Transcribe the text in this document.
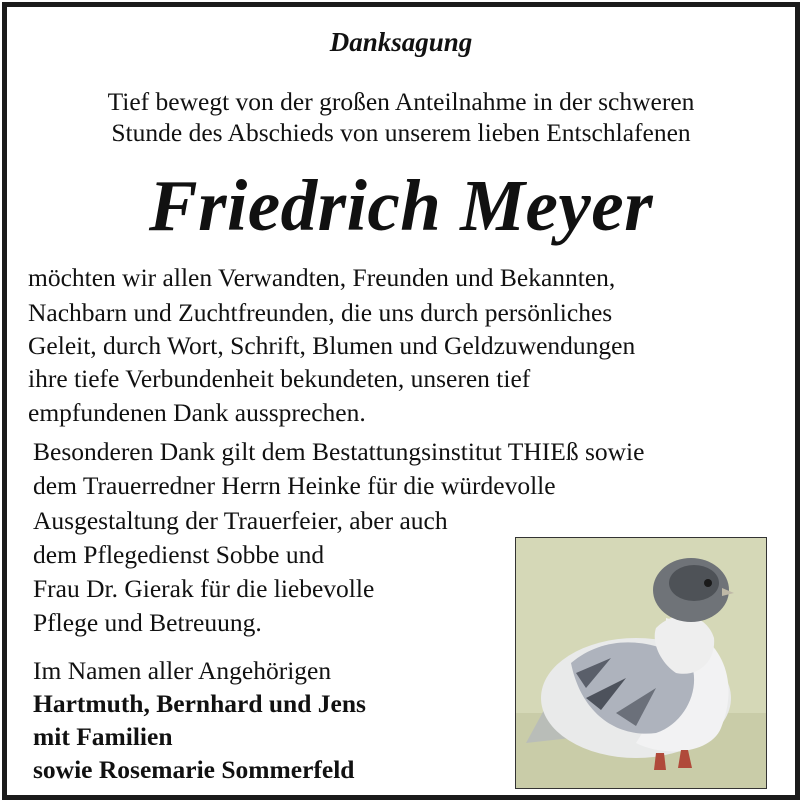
Danksagung
Tief bewegt von der großen Anteilnahme in der schweren
Stunde des Abschieds von unserem lieben Entschlafenen
Friedrich Meyer
möchten wir allen Verwandten, Freunden und Bekannten,
Nachbarn und Zuchtfreunden, die uns durch persönliches
Geleit, durch Wort, Schrift, Blumen und Geldzuwendungen
ihre tiefe Verbundenheit bekundeten, unseren tief
empfundenen Dank aussprechen.
Besonderen Dank gilt dem Bestattungsinstitut THIEß sowie
dem Trauerredner Herrn Heinke für die würdevolle
Ausgestaltung der Trauerfeier, aber auch
dem Pflegedienst Sobbe und
Frau Dr. Gierak für die liebevolle
Pflege und Betreuung.
Im Namen aller Angehörigen
Hartmuth, Bernhard und Jens
mit Familien
sowie Rosemarie Sommerfeld
